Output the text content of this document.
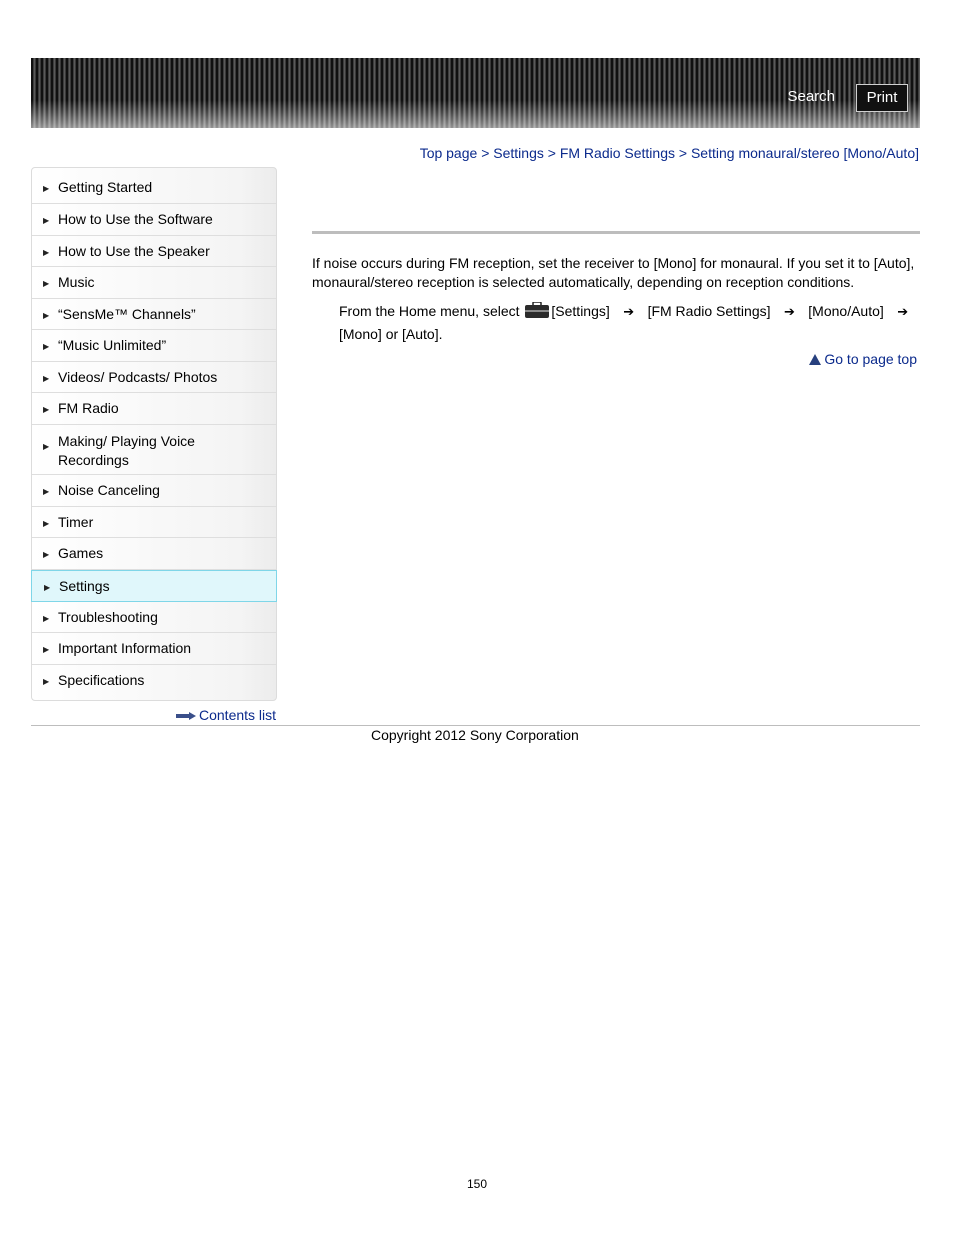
Search	Print
Top page > Settings > FM Radio Settings > Setting monaural/stereo [Mono/Auto]
▶ Getting Started
▶ How to Use the Software
▶ How to Use the Speaker
▶ Music
▶ “SensMe™ Channels”
▶ “Music Unlimited”
▶ Videos/ Podcasts/ Photos
▶ FM Radio
▶ Making/ Playing Voice Recordings
▶ Noise Canceling
▶ Timer
▶ Games
▶ Settings
▶ Troubleshooting
▶ Important Information
▶ Specifications
Contents list
If noise occurs during FM reception, set the receiver to [Mono] for monaural. If you set it to [Auto], monaural/stereo reception is selected automatically, depending on reception conditions.
From the Home menu, select [Settings] ➔ [FM Radio Settings] ➔ [Mono/Auto] ➔
[Mono] or [Auto].
Go to page top
Copyright 2012 Sony Corporation
150
